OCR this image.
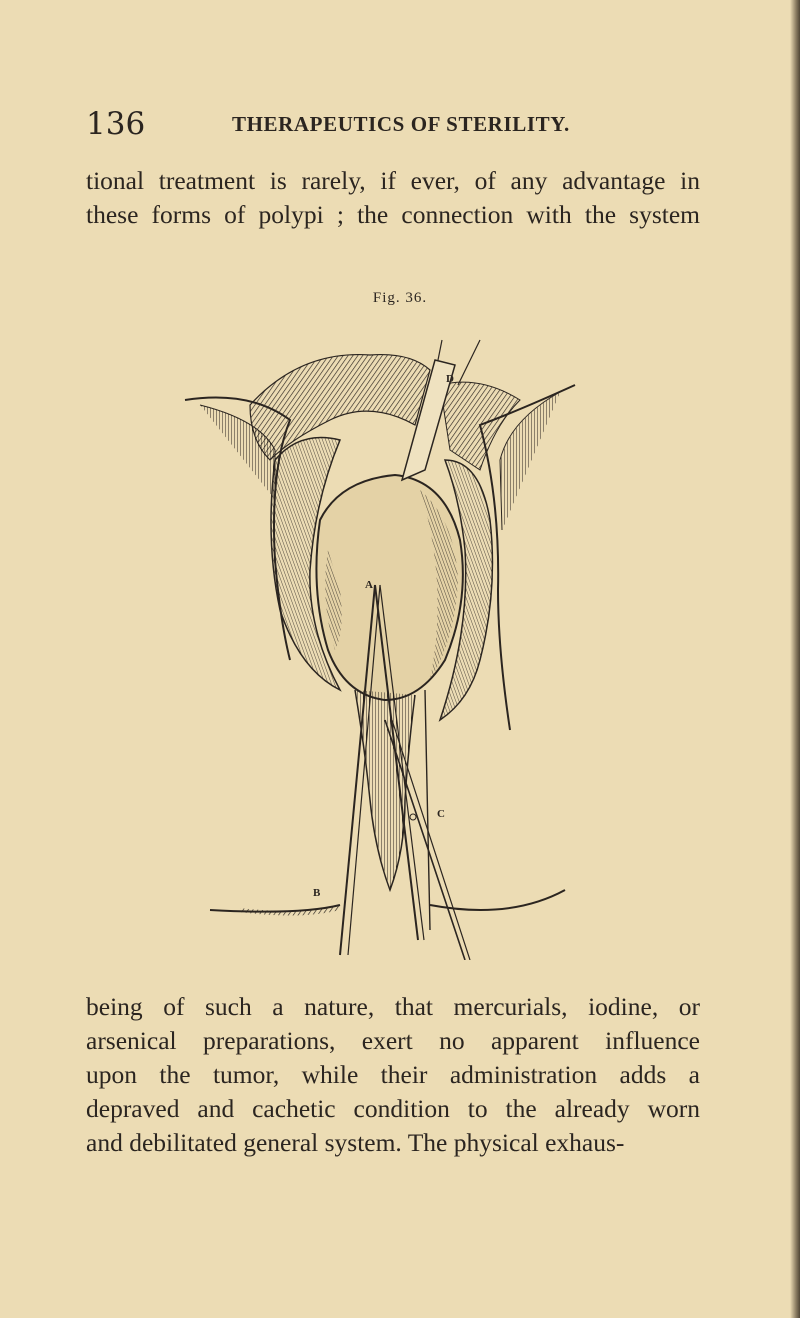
136	THERAPEUTICS OF STERILITY.
tional treatment is rarely, if ever, of any advantage in
these forms of polypi ; the connection with the system
Fig. 36.
A
B
C
D
being of such a nature, that mercurials, iodine, or
arsenical preparations, exert no apparent influence
upon the tumor, while their administration adds a
depraved and cachetic condition to the already worn
and debilitated general system. The physical exhaus-
